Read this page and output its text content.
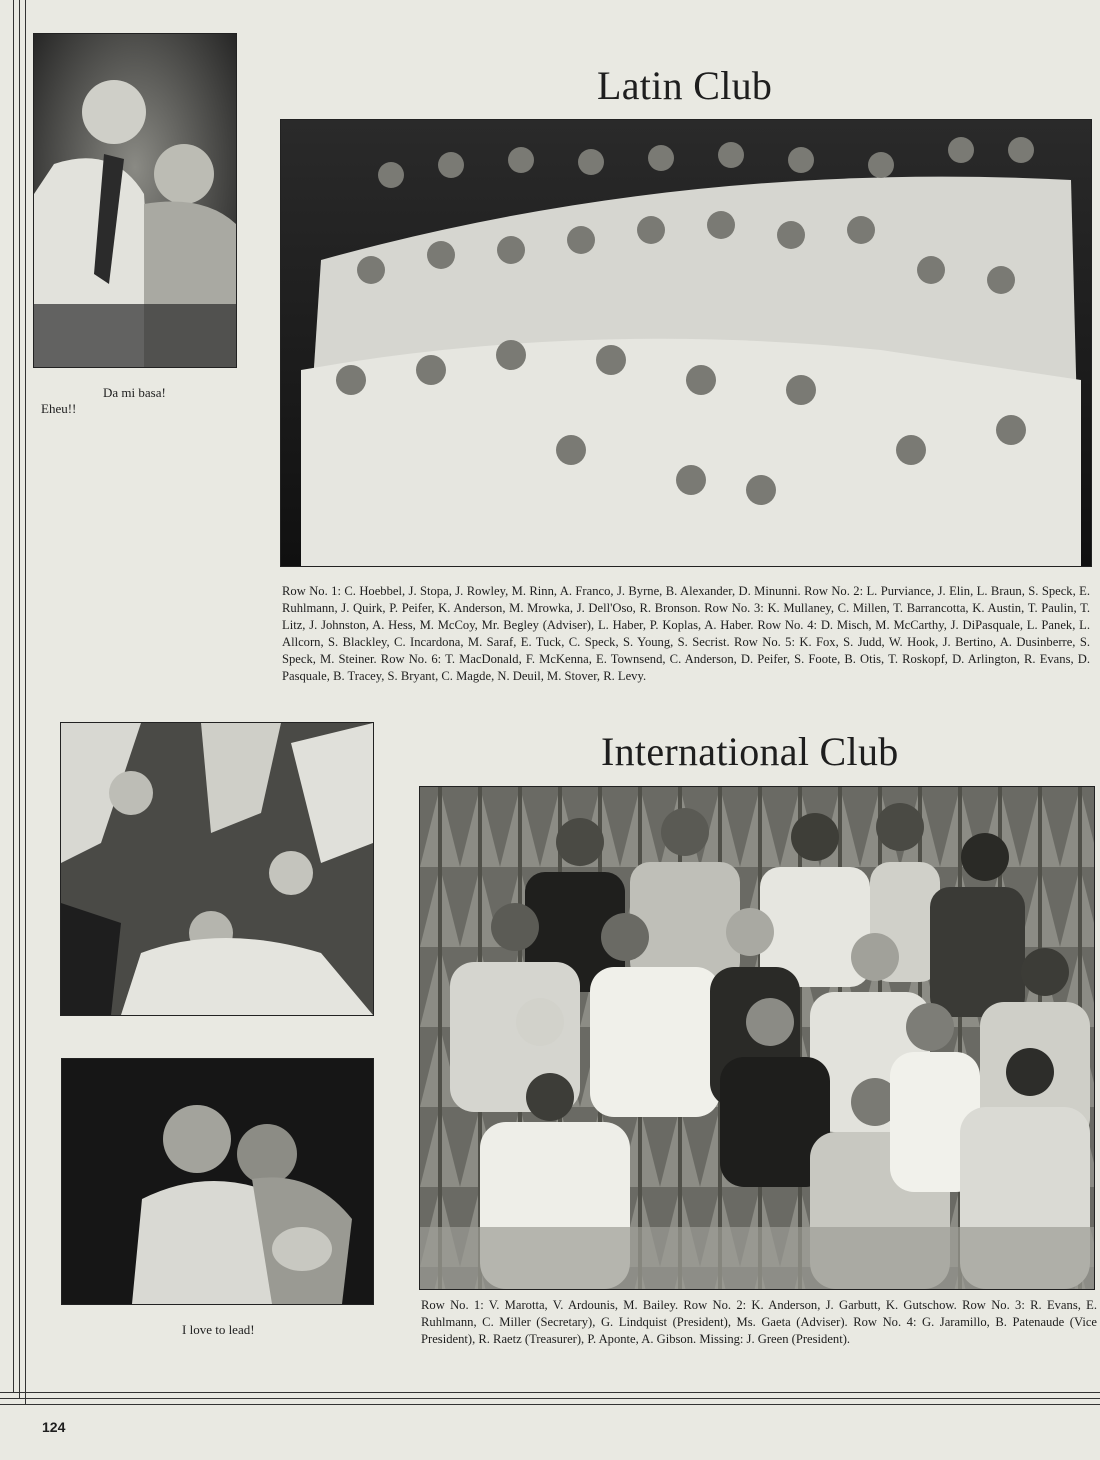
Da mi basa!

Eheu!!

Latin Club

Row No. 1: C. Hoebbel, J. Stopa, J. Rowley, M. Rinn, A. Franco, J. Byrne, B. Alexander, D. Minunni. Row No. 2: L. Purviance, J. Elin, L. Braun, S. Speck, E. Ruhlmann, J. Quirk, P. Peifer, K. Anderson, M. Mrowka, J. Dell'Oso, R. Bronson. Row No. 3: K. Mullaney, C. Millen, T. Barrancotta, K. Austin, T. Paulin, T. Litz, J. Johnston, A. Hess, M. McCoy, Mr. Begley (Adviser), L. Haber, P. Koplas, A. Haber. Row No. 4: D. Misch, M. McCarthy, J. DiPasquale, L. Panek, L. Allcorn, S. Blackley, C. Incardona, M. Saraf, E. Tuck, C. Speck, S. Young, S. Secrist. Row No. 5: K. Fox, S. Judd, W. Hook, J. Bertino, A. Dusinberre, S. Speck, M. Steiner. Row No. 6: T. MacDonald, F. McKenna, E. Townsend, C. Anderson, D. Peifer, S. Foote, B. Otis, T. Roskopf, D. Arlington, R. Evans, D. Pasquale, B. Tracey, S. Bryant, C. Magde, N. Deuil, M. Stover, R. Levy.

I love to lead!

International Club

Row No. 1: V. Marotta, V. Ardounis, M. Bailey. Row No. 2: K. Anderson, J. Garbutt, K. Gutschow. Row No. 3: R. Evans, E. Ruhlmann, C. Miller (Secretary), G. Lindquist (President), Ms. Gaeta (Adviser). Row No. 4: G. Jaramillo, B. Patenaude (Vice President), R. Raetz (Treasurer), P. Aponte, A. Gibson. Missing: J. Green (President).

124
